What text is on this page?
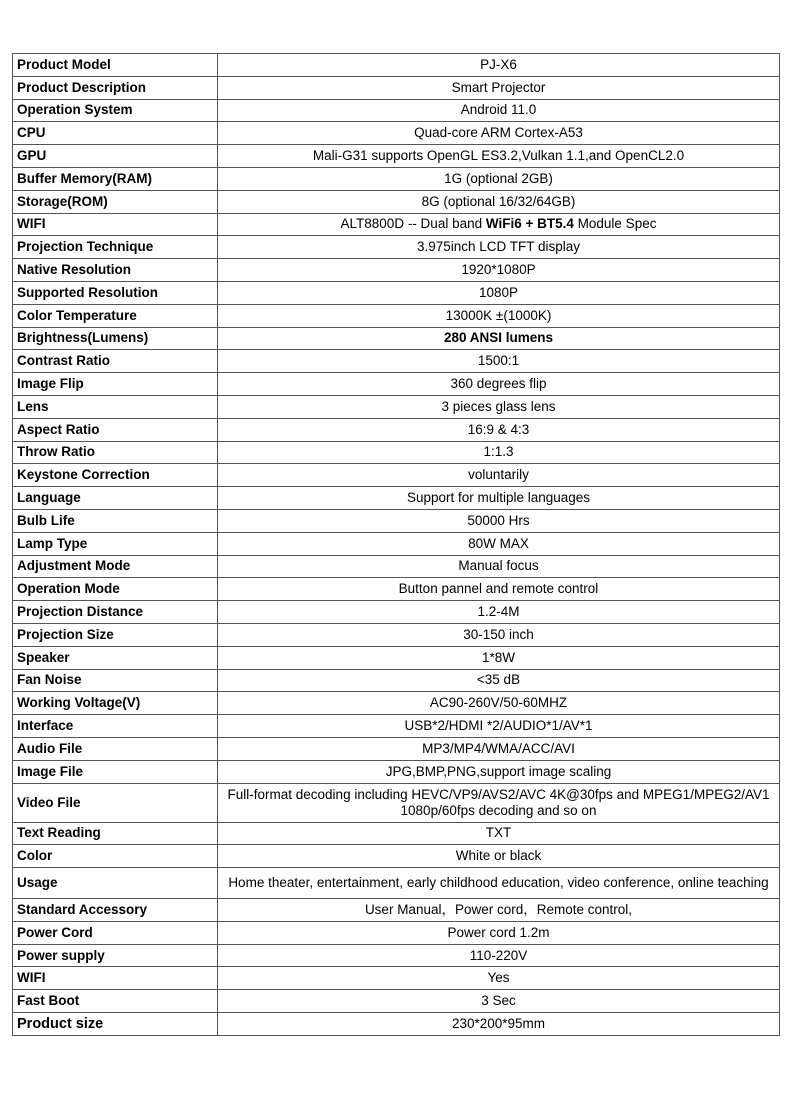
Product Model	PJ-X6
Product Description	Smart Projector
Operation System	Android 11.0
CPU	Quad-core ARM Cortex-A53
GPU	Mali-G31 supports OpenGL ES3.2,Vulkan 1.1,and OpenCL2.0
Buffer Memory(RAM)	1G (optional 2GB)
Storage(ROM)	8G (optional 16/32/64GB)
WIFI	ALT8800D -- Dual band WiFi6 + BT5.4 Module Spec
Projection Technique	3.975inch LCD TFT display
Native Resolution	1920*1080P
Supported Resolution	1080P
Color Temperature	13000K ±(1000K)
Brightness(Lumens)	280 ANSI lumens
Contrast Ratio	1500:1
Image Flip	360 degrees flip
Lens	3 pieces glass lens
Aspect Ratio	16:9 & 4:3
Throw Ratio	1:1.3
Keystone Correction	voluntarily
Language	Support for multiple languages
Bulb Life	50000 Hrs
Lamp Type	80W MAX
Adjustment Mode	Manual focus
Operation Mode	Button pannel and remote control
Projection Distance	1.2-4M
Projection Size	30-150 inch
Speaker	1*8W
Fan Noise	<35 dB
Working Voltage(V)	AC90-260V/50-60MHZ
Interface	USB*2/HDMI *2/AUDIO*1/AV*1
Audio File	MP3/MP4/WMA/ACC/AVI
Image File	JPG,BMP,PNG,support image scaling
Video File	Full-format decoding including HEVC/VP9/AVS2/AVC 4K@30fps and MPEG1/MPEG2/AV1 1080p/60fps decoding and so on
Text Reading	TXT
Color	White or black
Usage	Home theater, entertainment, early childhood education, video conference, online teaching
Standard Accessory	User Manual，Power cord，Remote control,
Power Cord	Power cord 1.2m
Power supply	110-220V
WIFI	Yes
Fast Boot	3 Sec
Product size	230*200*95mm
